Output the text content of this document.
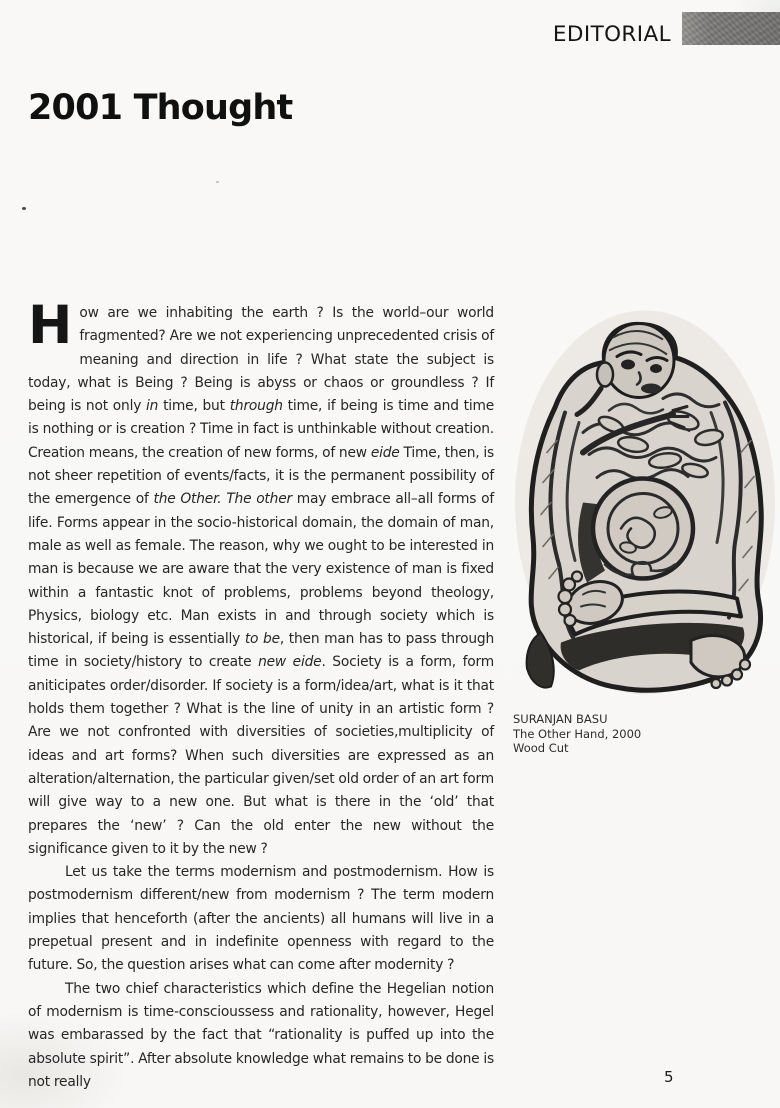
EDITORIAL
2001 Thought

How are we inhabiting the earth ? Is the world–our world fragmented? Are we not experiencing unprecedented crisis of meaning and direction in life ? What state the subject is today, what is Being ? Being is abyss or chaos or groundless ? If being is not only in time, but through time, if being is time and time is nothing or is creation ? Time in fact is unthinkable without creation. Creation means, the creation of new forms, of new eide Time, then, is not sheer repetition of events/facts, it is the permanent possibility of the emergence of the Other. The other may embrace all–all forms of life. Forms appear in the socio-historical domain, the domain of man, male as well as female. The reason, why we ought to be interested in man is because we are aware that the very existence of man is fixed within a fantastic knot of problems, problems beyond theology, Physics, biology etc. Man exists in and through society which is historical, if being is essentially to be, then man has to pass through time in society/history to create new eide. Society is a form, form aniticipates order/disorder. If society is a form/idea/art, what is it that holds them together ? What is the line of unity in an artistic form ? Are we not confronted with diversities of societies,multiplicity of ideas and art forms? When such diversities are expressed as an alteration/alternation, the particular given/set old order of an art form will give way to a new one. But what is there in the ‘old’ that prepares the ‘new’ ? Can the old enter the new without the significance given to it by the new ?

Let us take the terms modernism and postmodernism. How is postmodernism different/new from modernism ? The term modern implies that henceforth (after the ancients) all humans will live in a prepetual present and in indefinite openness with regard to the future. So, the question arises what can come after modernity ?

The two chief characteristics which define the Hegelian notion of modernism is time-conscioussess and rationality, however, Hegel was embarassed by the fact that “rationality is puffed up into the absolute spirit”. After absolute knowledge what remains to be done is not really

SURANJAN BASU
The Other Hand, 2000
Wood Cut
5
